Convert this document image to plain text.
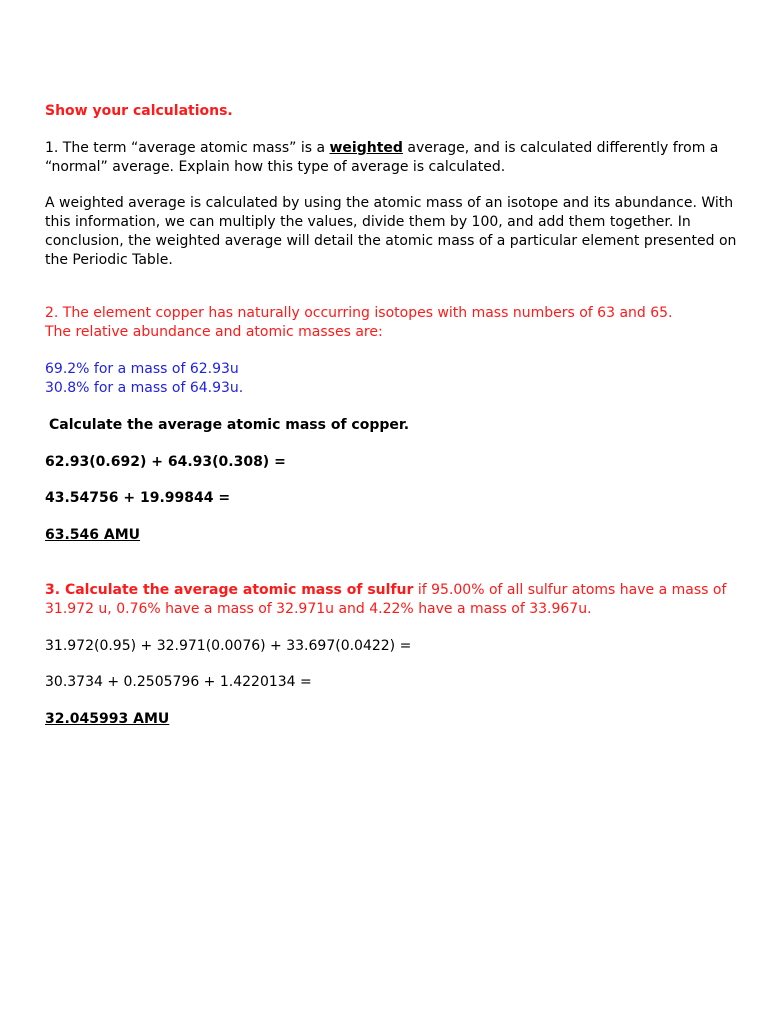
Show your calculations.
1. The term “average atomic mass” is a weighted average, and is calculated differently from a
“normal” average. Explain how this type of average is calculated.
A weighted average is calculated by using the atomic mass of an isotope and its abundance. With
this information, we can multiply the values, divide them by 100, and add them together. In
conclusion, the weighted average will detail the atomic mass of a particular element presented on
the Periodic Table.
2. The element copper has naturally occurring isotopes with mass numbers of 63 and 65.
The relative abundance and atomic masses are:
69.2% for a mass of 62.93u
30.8% for a mass of 64.93u.
Calculate the average atomic mass of copper.
62.93(0.692) + 64.93(0.308) =
43.54756 + 19.99844 =
63.546 AMU
3. Calculate the average atomic mass of sulfur if 95.00% of all sulfur atoms have a mass of
31.972 u, 0.76% have a mass of 32.971u and 4.22% have a mass of 33.967u.
31.972(0.95) + 32.971(0.0076) + 33.697(0.0422) =
30.3734 + 0.2505796 + 1.4220134 =
32.045993 AMU
